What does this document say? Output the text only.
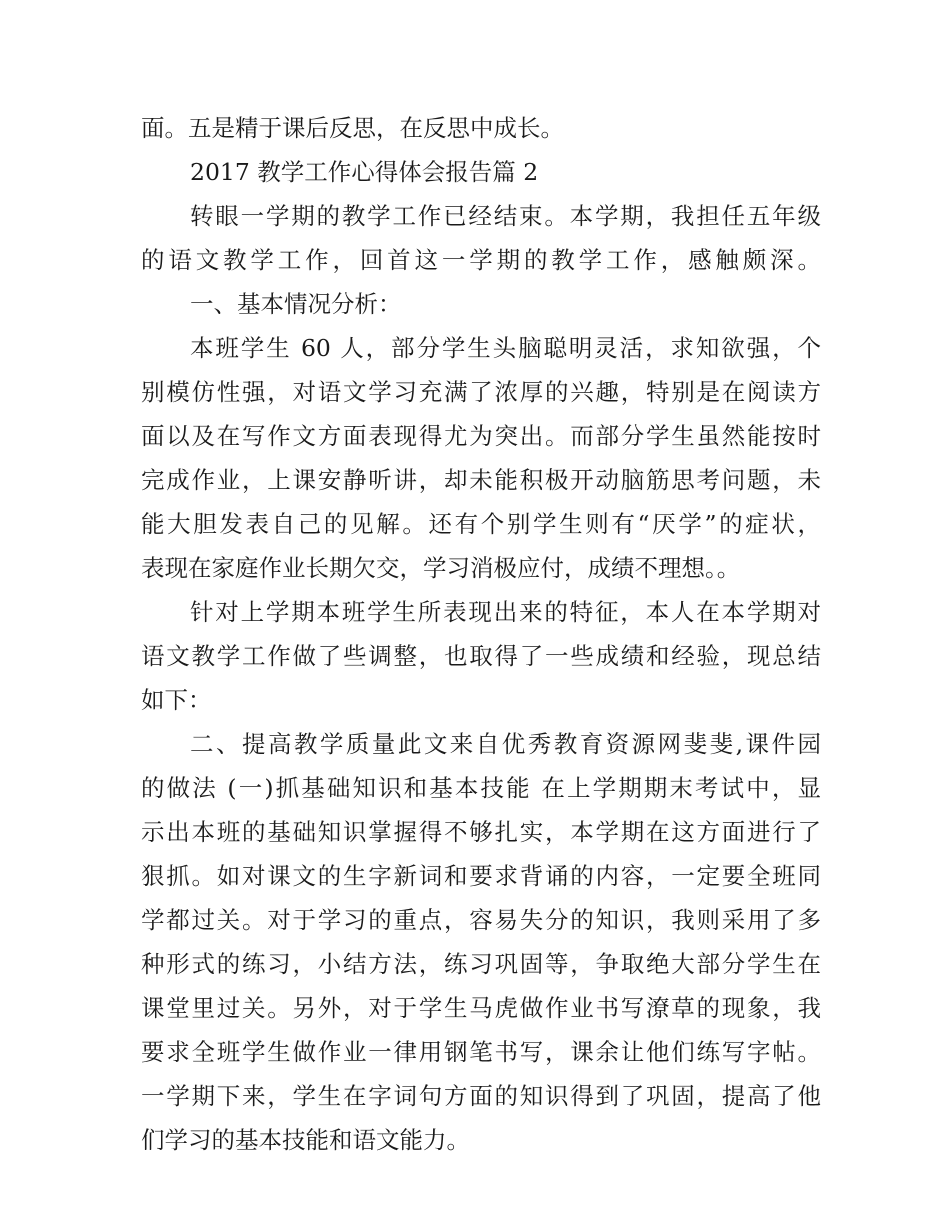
面。五是精于课后反思，在反思中成长。
2017 教学工作心得体会报告篇 2
转眼一学期的教学工作已经结束。本学期，我担任五年级
的语文教学工作，回首这一学期的教学工作，感触颇深。
一、基本情况分析：
本班学生 60 人，部分学生头脑聪明灵活，求知欲强，个
别模仿性强，对语文学习充满了浓厚的兴趣，特别是在阅读方
面以及在写作文方面表现得尤为突出。而部分学生虽然能按时
完成作业，上课安静听讲，却未能积极开动脑筋思考问题，未
能大胆发表自己的见解。还有个别学生则有“厌学”的症状，
表现在家庭作业长期欠交，学习消极应付，成绩不理想。。
针对上学期本班学生所表现出来的特征，本人在本学期对
语文教学工作做了些调整，也取得了一些成绩和经验，现总结
如下：
二、提高教学质量此文来自优秀教育资源网斐斐,课件园
的做法 (一)抓基础知识和基本技能 在上学期期末考试中，显
示出本班的基础知识掌握得不够扎实，本学期在这方面进行了
狠抓。如对课文的生字新词和要求背诵的内容，一定要全班同
学都过关。对于学习的重点，容易失分的知识，我则采用了多
种形式的练习，小结方法，练习巩固等，争取绝大部分学生在
课堂里过关。另外，对于学生马虎做作业书写潦草的现象，我
要求全班学生做作业一律用钢笔书写，课余让他们练写字帖。
一学期下来，学生在字词句方面的知识得到了巩固，提高了他
们学习的基本技能和语文能力。
